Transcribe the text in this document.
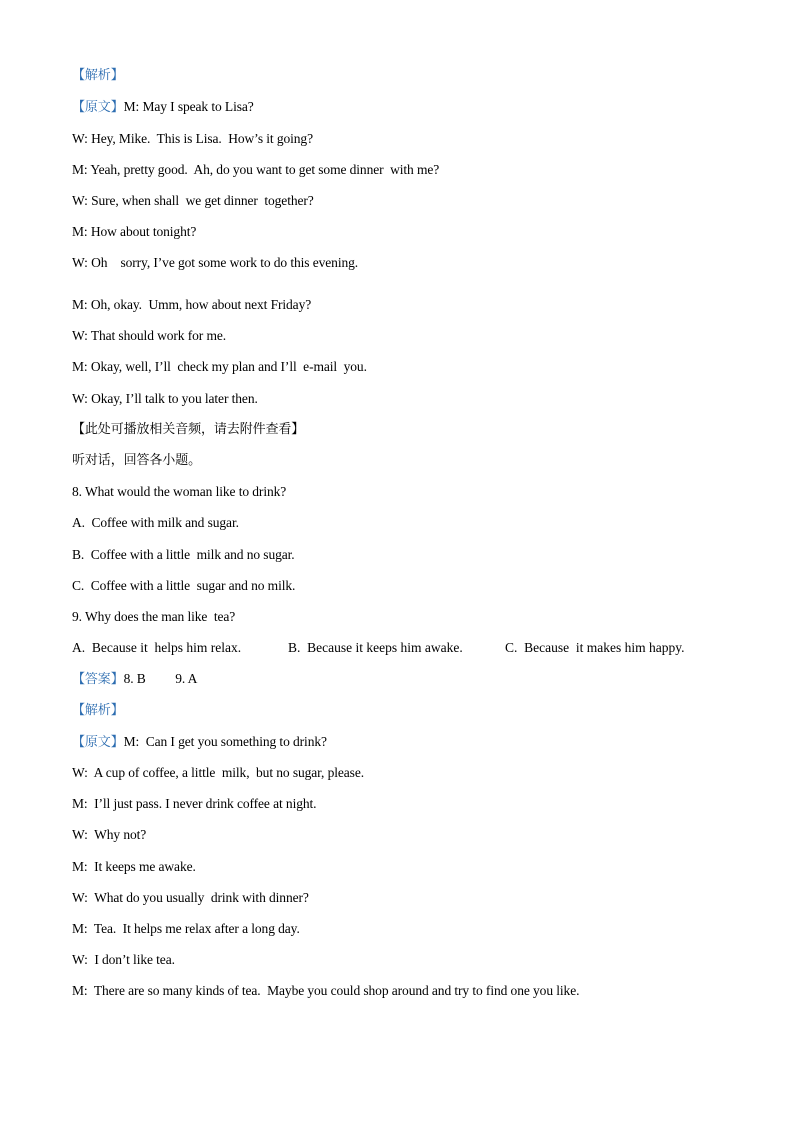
【解析】
【原文】M: May I speak to Lisa?
W: Hey, Mike.  This is Lisa.  How’s it going?
M: Yeah, pretty good.  Ah, do you want to get some dinner  with me?
W: Sure, when shall  we get dinner  together?
M: How about tonight?
W: Oh    sorry, I’ve got some work to do this evening.
M: Oh, okay.  Umm, how about next Friday?
W: That should work for me.
M: Okay, well, I’ll  check my plan and I’ll  e-mail  you.
W: Okay, I’ll talk to you later then.
【此处可播放相关音频，请去附件查看】
听对话，回答各小题。
8. What would the woman like to drink?
A.  Coffee with milk and sugar.
B.  Coffee with a little  milk and no sugar.
C.  Coffee with a little  sugar and no milk.
9. Why does the man like  tea?
A.  Because it  helps him relax.	B.  Because it keeps him awake.	C.  Because  it makes him happy.
【答案】8. B         9. A
【解析】
【原文】M:  Can I get you something to drink?
W:  A cup of coffee, a little  milk,  but no sugar, please.
M:  I’ll just pass. I never drink coffee at night.
W:  Why not?
M:  It keeps me awake.
W:  What do you usually  drink with dinner?
M:  Tea.  It helps me relax after a long day.
W:  I don’t like tea.
M:  There are so many kinds of tea.  Maybe you could shop around and try to find one you like.
